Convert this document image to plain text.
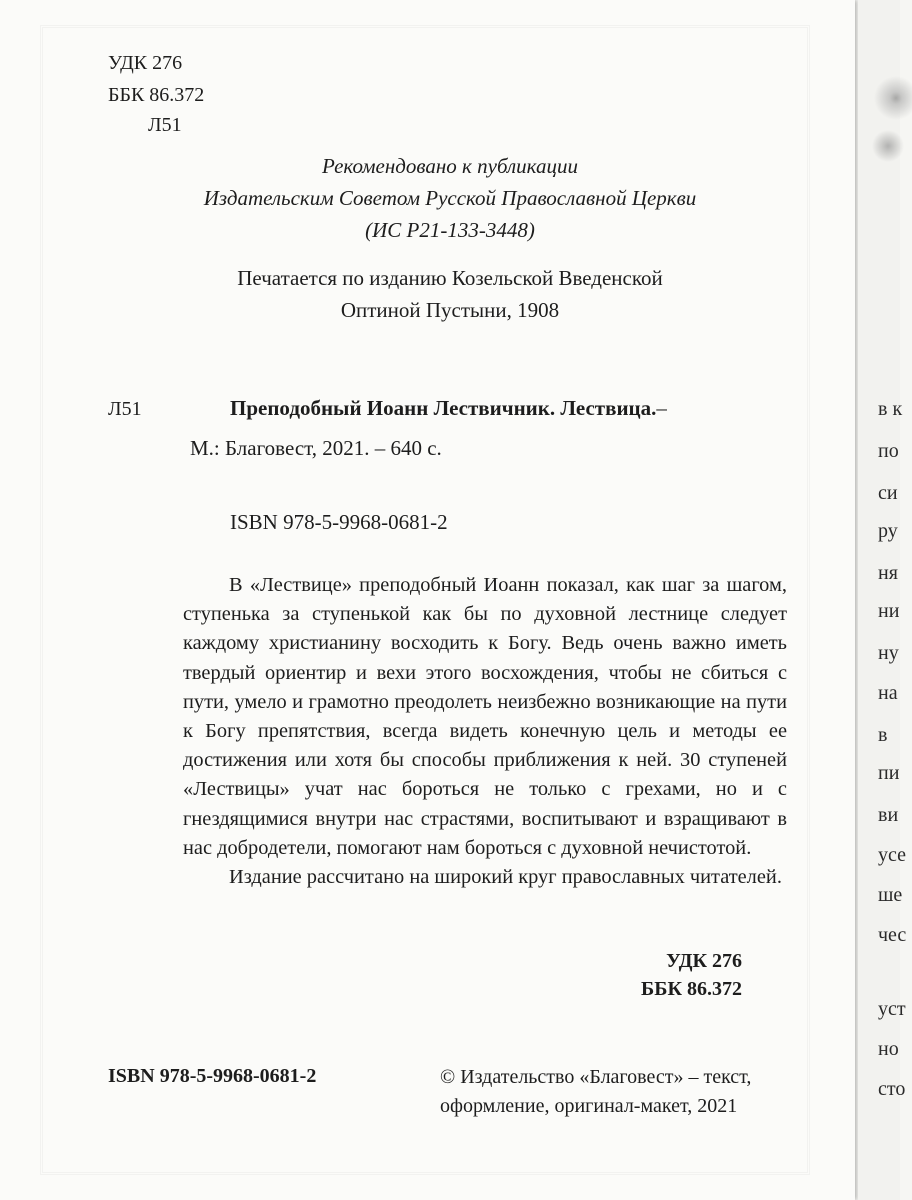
УДК 276
ББК 86.372
Л51
Рекомендовано к публикации
Издательским Советом Русской Православной Церкви
(ИС Р21-133-3448)
Печатается по изданию Козельской Введенской
Оптиной Пустыни, 1908
Л51	Преподобный Иоанн Лествичник. Лествица.–
М.: Благовест, 2021. – 640 с.
ISBN 978-5-9968-0681-2

В «Лествице» преподобный Иоанн показал, как шаг за шагом, ступенька за ступенькой как бы по духовной лестнице следует каждому христианину восходить к Богу. Ведь очень важно иметь твердый ориентир и вехи этого восхождения, чтобы не сбиться с пути, умело и грамотно преодолеть неизбежно возникающие на пути к Богу препятствия, всегда видеть конечную цель и методы ее достижения или хотя бы способы приближения к ней. 30 ступеней «Лествицы» учат нас бороться не только с грехами, но и с гнездящимися внутри нас страстями, воспитывают и взращивают в нас добродетели, помогают нам бороться с духовной нечистотой.

Издание рассчитано на широкий круг православных читателей.

УДК 276
ББК 86.372
ISBN 978-5-9968-0681-2	© Издательство «Благовест» – текст,
оформление, оригинал-макет, 2021
в к
по
си
ру
ня
ни
ну
на
в
пи
ви
усе
ше
чес
уст
но
сто
